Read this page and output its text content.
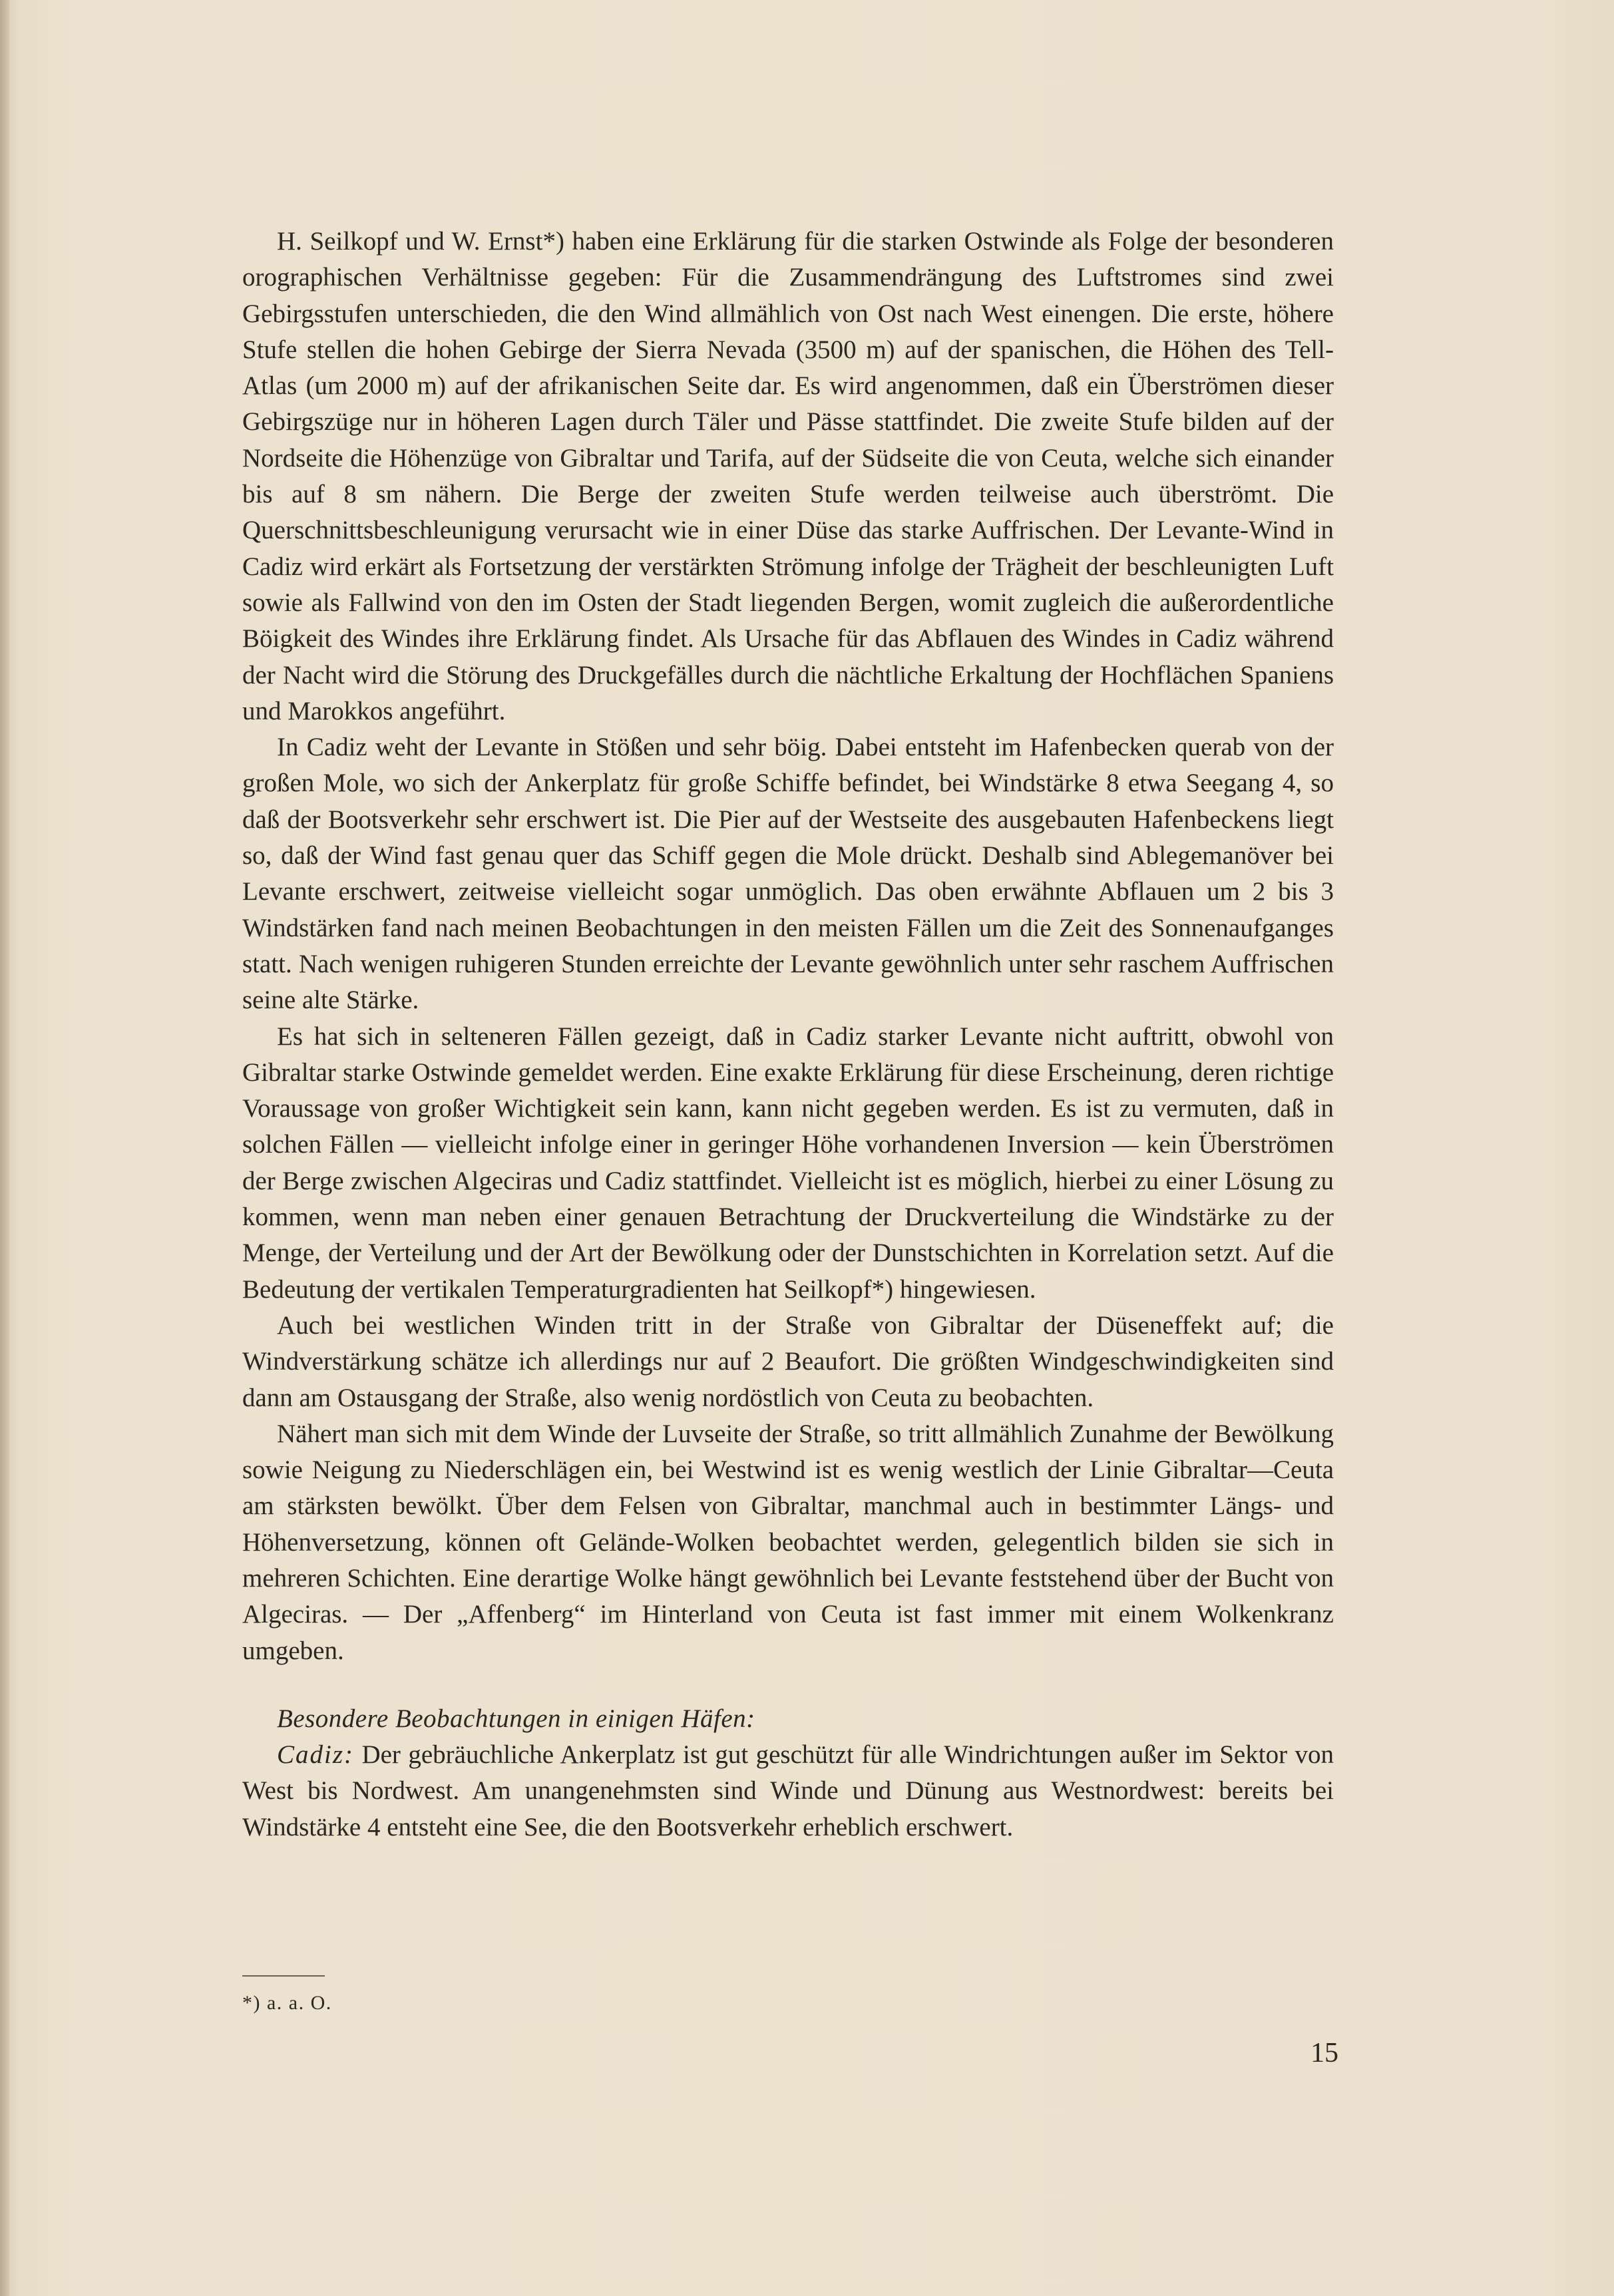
H. Seilkopf und W. Ernst*) haben eine Erklärung für die starken Ostwinde als Folge der besonderen orographischen Verhältnisse gegeben: Für die Zusammendrängung des Luftstromes sind zwei Gebirgsstufen unterschieden, die den Wind allmählich von Ost nach West einengen. Die erste, höhere Stufe stellen die hohen Gebirge der Sierra Nevada (3500 m) auf der spanischen, die Höhen des Tell-Atlas (um 2000 m) auf der afrikanischen Seite dar. Es wird angenommen, daß ein Überströmen dieser Gebirgszüge nur in höheren Lagen durch Täler und Pässe stattfindet. Die zweite Stufe bilden auf der Nordseite die Höhenzüge von Gibraltar und Tarifa, auf der Südseite die von Ceuta, welche sich einander bis auf 8 sm nähern. Die Berge der zweiten Stufe werden teilweise auch überströmt. Die Querschnittsbeschleunigung verursacht wie in einer Düse das starke Auffrischen. Der Levante-Wind in Cadiz wird erkärt als Fortsetzung der verstärkten Strömung infolge der Trägheit der beschleunigten Luft sowie als Fallwind von den im Osten der Stadt liegenden Bergen, womit zugleich die außerordentliche Böigkeit des Windes ihre Erklärung findet. Als Ursache für das Abflauen des Windes in Cadiz während der Nacht wird die Störung des Druckgefälles durch die nächtliche Erkaltung der Hochflächen Spaniens und Marokkos angeführt.

In Cadiz weht der Levante in Stößen und sehr böig. Dabei entsteht im Hafenbecken querab von der großen Mole, wo sich der Ankerplatz für große Schiffe befindet, bei Windstärke 8 etwa Seegang 4, so daß der Bootsverkehr sehr erschwert ist. Die Pier auf der Westseite des ausgebauten Hafenbeckens liegt so, daß der Wind fast genau quer das Schiff gegen die Mole drückt. Deshalb sind Ablegemanöver bei Levante erschwert, zeitweise vielleicht sogar unmöglich. Das oben erwähnte Abflauen um 2 bis 3 Windstärken fand nach meinen Beobachtungen in den meisten Fällen um die Zeit des Sonnenaufganges statt. Nach wenigen ruhigeren Stunden erreichte der Levante gewöhnlich unter sehr raschem Auffrischen seine alte Stärke.

Es hat sich in selteneren Fällen gezeigt, daß in Cadiz starker Levante nicht auftritt, obwohl von Gibraltar starke Ostwinde gemeldet werden. Eine exakte Erklärung für diese Erscheinung, deren richtige Voraussage von großer Wichtigkeit sein kann, kann nicht gegeben werden. Es ist zu vermuten, daß in solchen Fällen — vielleicht infolge einer in geringer Höhe vorhandenen Inversion — kein Überströmen der Berge zwischen Algeciras und Cadiz stattfindet. Vielleicht ist es möglich, hierbei zu einer Lösung zu kommen, wenn man neben einer genauen Betrachtung der Druckverteilung die Windstärke zu der Menge, der Verteilung und der Art der Bewölkung oder der Dunstschichten in Korrelation setzt. Auf die Bedeutung der vertikalen Temperaturgradienten hat Seilkopf*) hingewiesen.

Auch bei westlichen Winden tritt in der Straße von Gibraltar der Düseneffekt auf; die Windverstärkung schätze ich allerdings nur auf 2 Beaufort. Die größten Windgeschwindigkeiten sind dann am Ostausgang der Straße, also wenig nordöstlich von Ceuta zu beobachten.

Nähert man sich mit dem Winde der Luvseite der Straße, so tritt allmählich Zunahme der Bewölkung sowie Neigung zu Niederschlägen ein, bei Westwind ist es wenig westlich der Linie Gibraltar—Ceuta am stärksten bewölkt. Über dem Felsen von Gibraltar, manchmal auch in bestimmter Längs- und Höhenversetzung, können oft Gelände-Wolken beobachtet werden, gelegentlich bilden sie sich in mehreren Schichten. Eine derartige Wolke hängt gewöhnlich bei Levante feststehend über der Bucht von Algeciras. — Der „Affenberg“ im Hinterland von Ceuta ist fast immer mit einem Wolkenkranz umgeben.

Besondere Beobachtungen in einigen Häfen:

Cadiz: Der gebräuchliche Ankerplatz ist gut geschützt für alle Windrichtungen außer im Sektor von West bis Nordwest. Am unangenehmsten sind Winde und Dünung aus Westnordwest: bereits bei Windstärke 4 entsteht eine See, die den Bootsverkehr erheblich erschwert.

*) a. a. O.
15
